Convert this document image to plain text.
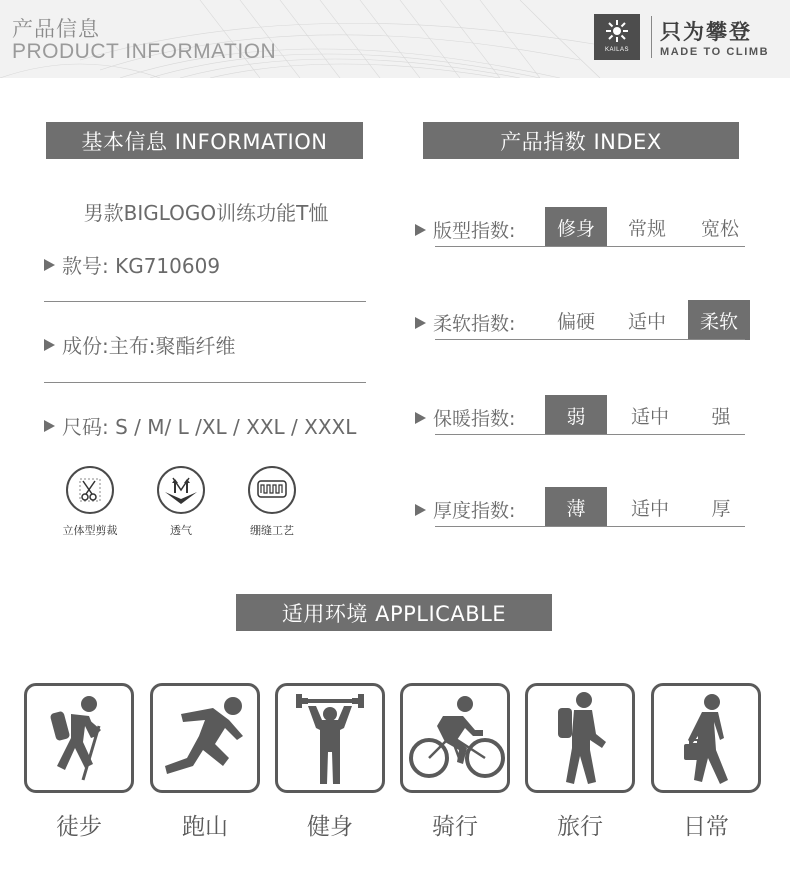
产品信息
PRODUCT INFORMATION	KAILAS
只为攀登
MADE TO CLIMB
基本信息 INFORMATION
男款BIGLOGO训练功能T恤
款号: KG710609
成份:主布:聚酯纤维
尺码: S / M/ L /XL / XXL / XXXL
立体型剪裁	透气	绷缝工艺
产品指数 INDEX
版型指数:	修身	常规	宽松
柔软指数:	偏硬	适中	柔软
保暖指数:	弱	适中	强
厚度指数:	薄	适中	厚
适用环境 APPLICABLE
徒步	跑山	健身	骑行	旅行	日常
